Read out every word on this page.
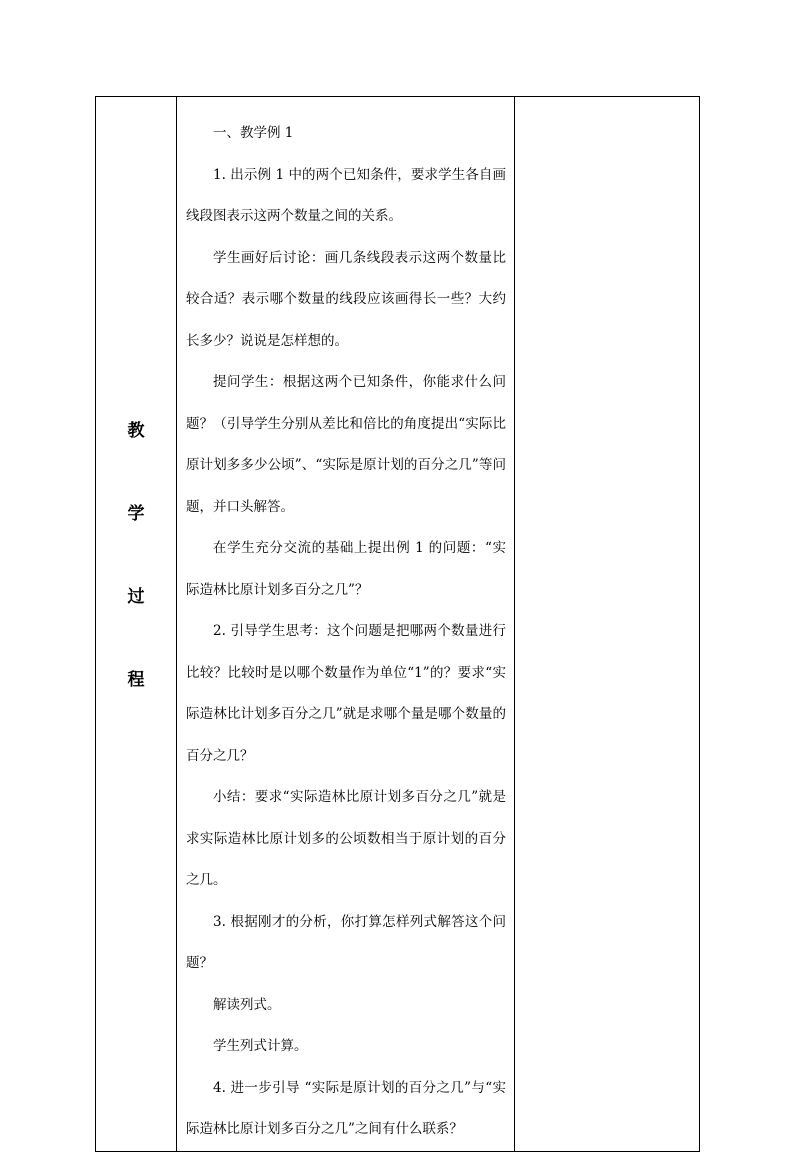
教
学
过
程

一、教学例 1

1. 出示例 1 中的两个已知条件，要求学生各自画线段图表示这两个数量之间的关系。

学生画好后讨论：画几条线段表示这两个数量比较合适？表示哪个数量的线段应该画得长一些？大约长多少？说说是怎样想的。

提问学生：根据这两个已知条件，你能求什么问题？（引导学生分别从差比和倍比的角度提出“实际比原计划多多少公顷”、“实际是原计划的百分之几”等问题，并口头解答。

在学生充分交流的基础上提出例 1 的问题：“实际造林比原计划多百分之几”？

2. 引导学生思考：这个问题是把哪两个数量进行比较？比较时是以哪个数量作为单位“1”的？要求“实际造林比计划多百分之几”就是求哪个量是哪个数量的百分之几？

小结：要求“实际造林比原计划多百分之几”就是求实际造林比原计划多的公顷数相当于原计划的百分之几。

3. 根据刚才的分析，你打算怎样列式解答这个问题？

解读列式。

学生列式计算。

4. 进一步引导 “实际是原计划的百分之几”与“实际造林比原计划多百分之几”之间有什么联系？
